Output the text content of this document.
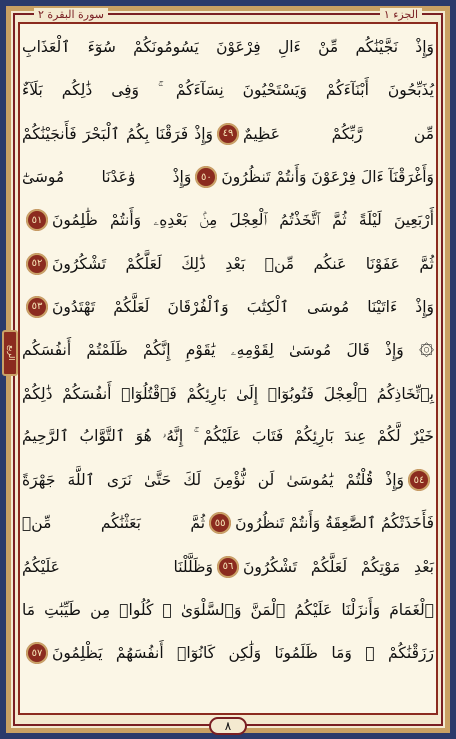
الجزء ١
سورة البقرة ٢
الربع
وَإِذْ نَجَّيْنَٰكُم مِّنْ ءَالِ فِرْعَوْنَ يَسُومُونَكُمْ سُوٓءَ ٱلْعَذَابِ
يُذَبِّحُونَ أَبْنَآءَكُمْ وَيَسْتَحْيُونَ نِسَآءَكُمْ ۚ وَفِى ذَٰلِكُم بَلَآءٌ
مِّن رَّبِّكُمْ عَظِيمٌ
٤٩
وَإِذْ فَرَقْنَا بِكُمُ ٱلْبَحْرَ فَأَنجَيْنَٰكُمْ
وَأَغْرَقْنَآ ءَالَ فِرْعَوْنَ وَأَنتُمْ تَنظُرُونَ
٥٠
وَإِذْ وَٰعَدْنَا مُوسَىٰٓ
أَرْبَعِينَ لَيْلَةً ثُمَّ ٱتَّخَذْتُمُ ٱلْعِجْلَ مِنۢ بَعْدِهِۦ وَأَنتُمْ ظَٰلِمُونَ
٥١
ثُمَّ عَفَوْنَا عَنكُم مِّنۢ بَعْدِ ذَٰلِكَ لَعَلَّكُمْ تَشْكُرُونَ
٥٢
وَإِذْ ءَاتَيْنَا مُوسَى ٱلْكِتَٰبَ وَٱلْفُرْقَانَ لَعَلَّكُمْ تَهْتَدُونَ
٥٣
۞ وَإِذْ قَالَ مُوسَىٰ لِقَوْمِهِۦ يَٰقَوْمِ إِنَّكُمْ ظَلَمْتُمْ أَنفُسَكُم
بِٱتِّخَاذِكُمُ ٱلْعِجْلَ فَتُوبُوٓا۟ إِلَىٰ بَارِئِكُمْ فَٱقْتُلُوٓا۟ أَنفُسَكُمْ ذَٰلِكُمْ
خَيْرٌ لَّكُمْ عِندَ بَارِئِكُمْ فَتَابَ عَلَيْكُمْ ۚ إِنَّهُۥ هُوَ ٱلتَّوَّابُ ٱلرَّحِيمُ
٥٤
وَإِذْ قُلْتُمْ يَٰمُوسَىٰ لَن نُّؤْمِنَ لَكَ حَتَّىٰ نَرَى ٱللَّهَ جَهْرَةً
فَأَخَذَتْكُمُ ٱلصَّٰعِقَةُ وَأَنتُمْ تَنظُرُونَ
٥٥
ثُمَّ بَعَثْنَٰكُم مِّنۢ
بَعْدِ مَوْتِكُمْ لَعَلَّكُمْ تَشْكُرُونَ
٥٦
وَظَلَّلْنَا عَلَيْكُمُ
ٱلْغَمَامَ وَأَنزَلْنَا عَلَيْكُمُ ٱلْمَنَّ وَٱلسَّلْوَىٰ ۖ كُلُوا۟ مِن طَيِّبَٰتِ مَا
رَزَقْنَٰكُمْ ۖ وَمَا ظَلَمُونَا وَلَٰكِن كَانُوٓا۟ أَنفُسَهُمْ يَظْلِمُونَ
٥٧
٨
